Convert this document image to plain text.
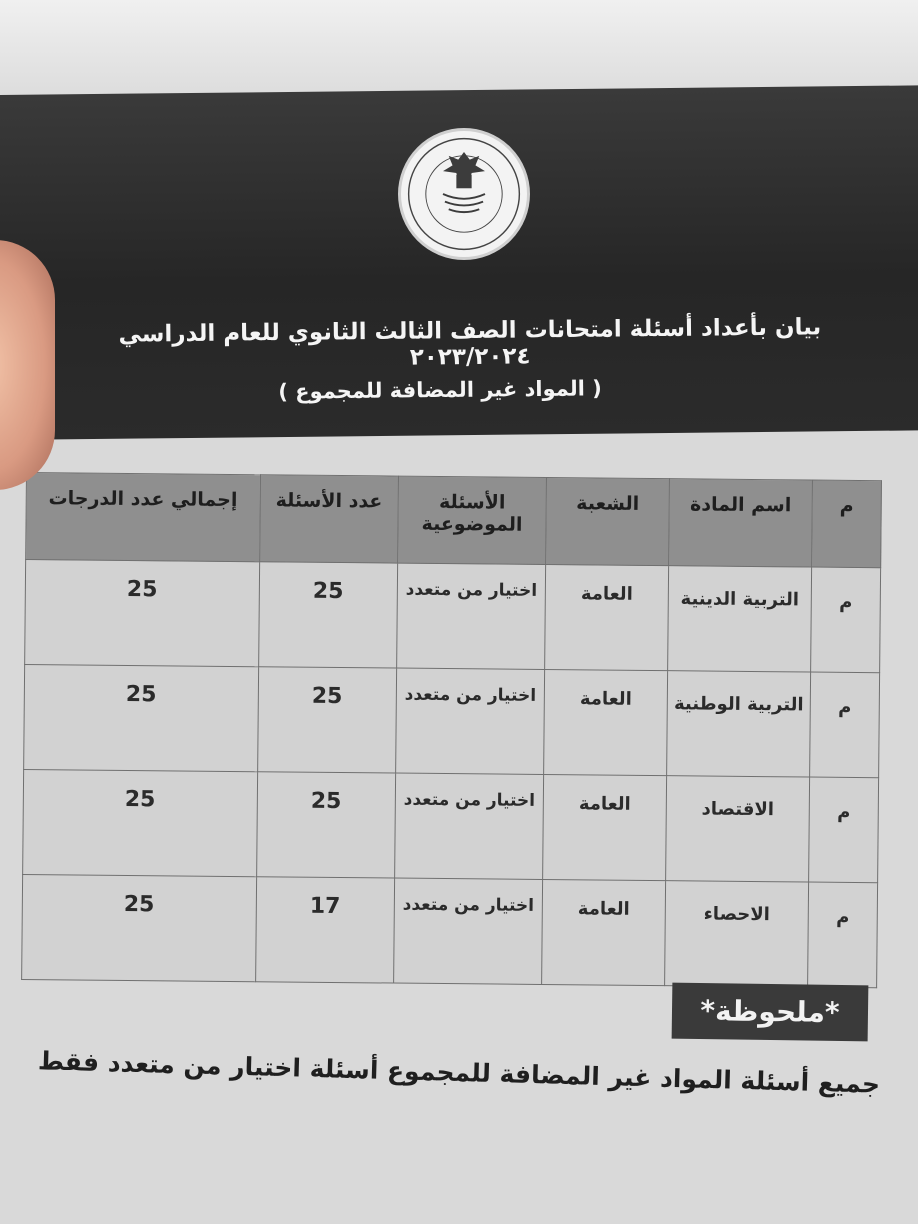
بيان بأعداد أسئلة امتحانات الصف الثالث الثانوي للعام الدراسي ٢٠٢٣/٢٠٢٤
( المواد غير المضافة للمجموع )
م	اسم المادة	الشعبة	الأسئلة الموضوعية	عدد الأسئلة	إجمالي عدد الدرجات
م	التربية الدينية	العامة	اختيار من متعدد	25	25
م	التربية الوطنية	العامة	اختيار من متعدد	25	25
م	الاقتصاد	العامة	اختيار من متعدد	25	25
م	الاحصاء	العامة	اختيار من متعدد	17	25
*ملحوظة*
جميع أسئلة المواد غير المضافة للمجموع أسئلة اختيار من متعدد فقط
